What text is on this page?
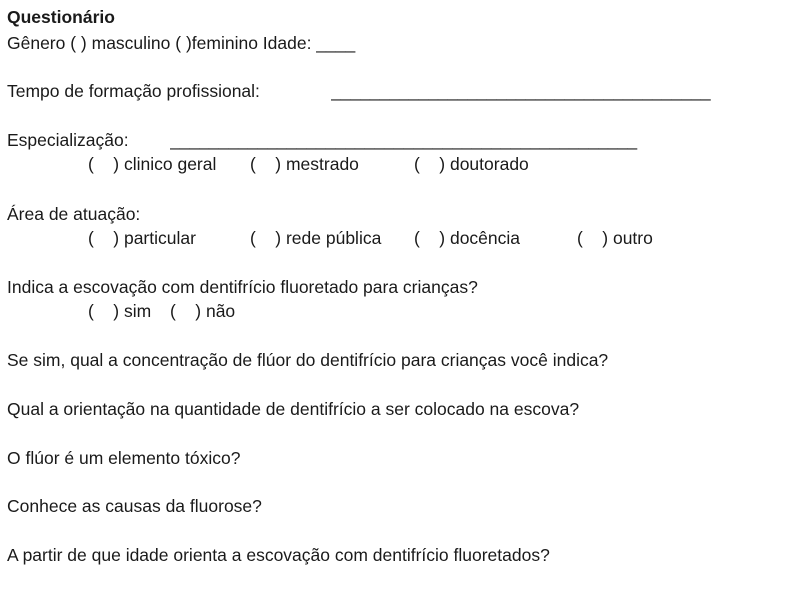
Questionário
Gênero ( ) masculino ( )feminino Idade: ____
Tempo de formação profissional:	_______________________________________
Especialização: ________________________________________________
(    ) clinico geral (    ) mestrado	(    ) doutorado
Área de atuação:
(    ) particular	(    ) rede pública (    ) docência	(    ) outro
Indica a escovação com dentifrício fluoretado para crianças?
(    ) sim (    ) não
Se sim, qual a concentração de flúor do dentifrício para crianças você indica?
Qual a orientação na quantidade de dentifrício a ser colocado na escova?
O flúor é um elemento tóxico?
Conhece as causas da fluorose?
A partir de que idade orienta a escovação com dentifrício fluoretados?
